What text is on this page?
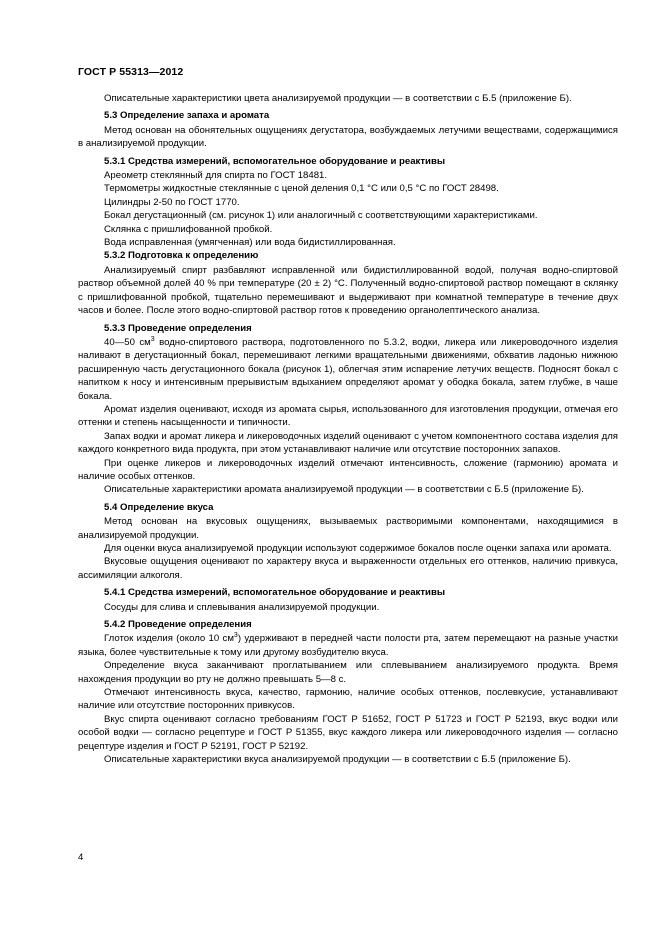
ГОСТ Р 55313—2012

Описательные характеристики цвета анализируемой продукции — в соответствии с Б.5 (приложение Б).

5.3 Определение запаха и аромата

Метод основан на обонятельных ощущениях дегустатора, возбуждаемых летучими веществами, содержащимися в анализируемой продукции.

5.3.1 Средства измерений, вспомогательное оборудование и реактивы

Ареометр стеклянный для спирта по ГОСТ 18481.

Термометры жидкостные стеклянные с ценой деления 0,1 °С или 0,5 °С по ГОСТ 28498.

Цилиндры 2-50 по ГОСТ 1770.

Бокал дегустационный (см. рисунок 1) или аналогичный с соответствующими характеристиками.

Склянка с пришлифованной пробкой.

Вода исправленная (умягченная) или вода бидистиллированная.

5.3.2 Подготовка к определению

Анализируемый спирт разбавляют исправленной или бидистиллированной водой, получая водно-спиртовой раствор объемной долей 40 % при температуре (20 ± 2) °С. Полученный водно-спиртовой раствор помещают в склянку с пришлифованной пробкой, тщательно перемешивают и выдерживают при комнатной температуре в течение двух часов и более. После этого водно-спиртовой раствор готов к проведению органолептического анализа.

5.3.3 Проведение определения

40—50 $см^3$ водно-спиртового раствора, подготовленного по 5.3.2, водки, ликера или ликероводочного изделия наливают в дегустационный бокал, перемешивают легкими вращательными движениями, обхватив ладонью нижнюю расширенную часть дегустационного бокала (рисунок 1), облегчая этим испарение летучих веществ. Подносят бокал с напитком к носу и интенсивным прерывистым вдыханием определяют аромат у ободка бокала, затем глубже, в чаше бокала.

Аромат изделия оценивают, исходя из аромата сырья, использованного для изготовления продукции, отмечая его оттенки и степень насыщенности и типичности.

Запах водки и аромат ликера и ликероводочных изделий оценивают с учетом компонентного состава изделия для каждого конкретного вида продукта, при этом устанавливают наличие или отсутствие посторонних запахов.

При оценке ликеров и ликероводочных изделий отмечают интенсивность, сложение (гармонию) аромата и наличие особых оттенков.

Описательные характеристики аромата анализируемой продукции — в соответствии с Б.5 (приложение Б).

5.4 Определение вкуса

Метод основан на вкусовых ощущениях, вызываемых растворимыми компонентами, находящимися в анализируемой продукции.

Для оценки вкуса анализируемой продукции используют содержимое бокалов после оценки запаха или аромата.

Вкусовые ощущения оценивают по характеру вкуса и выраженности отдельных его оттенков, наличию привкуса, ассимиляции алкоголя.

5.4.1 Средства измерений, вспомогательное оборудование и реактивы

Сосуды для слива и сплевывания анализируемой продукции.

5.4.2 Проведение определения

Глоток изделия (около 10 $см^3$) удерживают в передней части полости рта, затем перемещают на разные участки языка, более чувствительные к тому или другому возбудителю вкуса.

Определение вкуса заканчивают проглатыванием или сплевыванием анализируемого продукта. Время нахождения продукции во рту не должно превышать 5—8 с.

Отмечают интенсивность вкуса, качество, гармонию, наличие особых оттенков, послевкусие, устанавливают наличие или отсутствие посторонних привкусов.

Вкус спирта оценивают согласно требованиям ГОСТ Р 51652, ГОСТ Р 51723 и ГОСТ Р 52193, вкус водки или особой водки — согласно рецептуре и ГОСТ Р 51355, вкус каждого ликера или ликероводочного изделия — согласно рецептуре изделия и ГОСТ Р 52191, ГОСТ Р 52192.

Описательные характеристики вкуса анализируемой продукции — в соответствии с Б.5 (приложение Б).

4
